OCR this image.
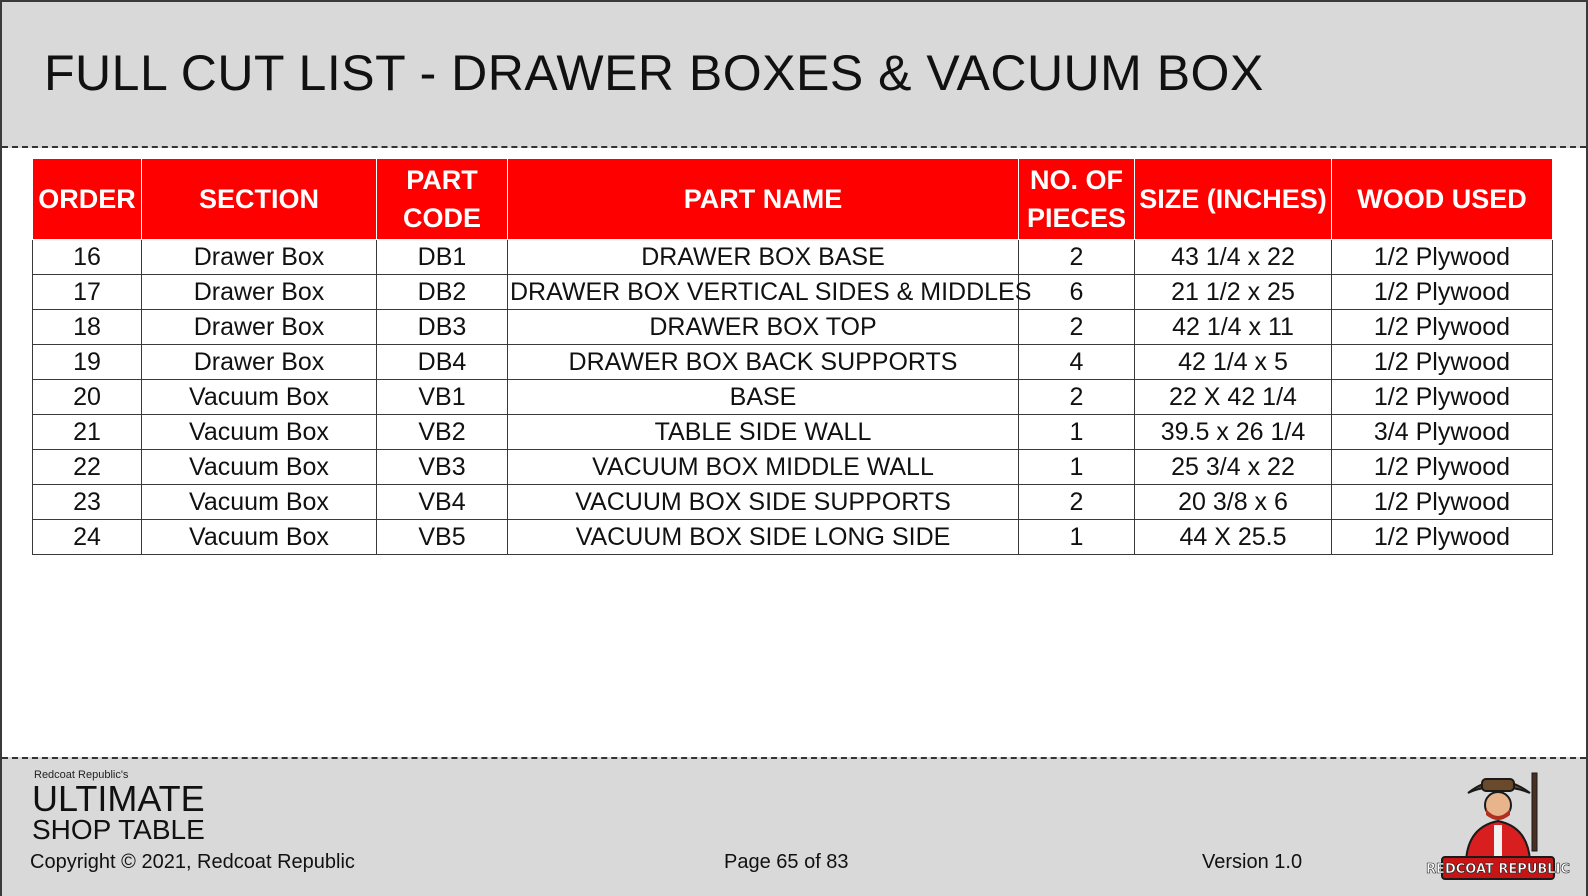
FULL CUT LIST - DRAWER BOXES & VACUUM BOX
ORDER	SECTION	PART CODE	PART NAME	NO. OF PIECES	SIZE (INCHES)	WOOD USED
16	Drawer Box	DB1	DRAWER BOX BASE	2	43 1/4 x 22	1/2 Plywood
17	Drawer Box	DB2	DRAWER BOX VERTICAL SIDES & MIDDLES	6	21 1/2 x 25	1/2 Plywood
18	Drawer Box	DB3	DRAWER BOX TOP	2	42 1/4 x 11	1/2 Plywood
19	Drawer Box	DB4	DRAWER BOX BACK SUPPORTS	4	42 1/4 x 5	1/2 Plywood
20	Vacuum Box	VB1	BASE	2	22 X 42 1/4	1/2 Plywood
21	Vacuum Box	VB2	TABLE SIDE WALL	1	39.5 x 26 1/4	3/4 Plywood
22	Vacuum Box	VB3	VACUUM BOX MIDDLE WALL	1	25 3/4 x 22	1/2 Plywood
23	Vacuum Box	VB4	VACUUM BOX SIDE SUPPORTS	2	20 3/8 x 6	1/2 Plywood
24	Vacuum Box	VB5	VACUUM BOX SIDE LONG SIDE	1	44 X 25.5	1/2 Plywood
Redcoat Republic's
ULTIMATE
SHOP TABLE
Copyright © 2021, Redcoat Republic	Page 65 of 83	Version 1.0	REDCOAT REPUBLIC
